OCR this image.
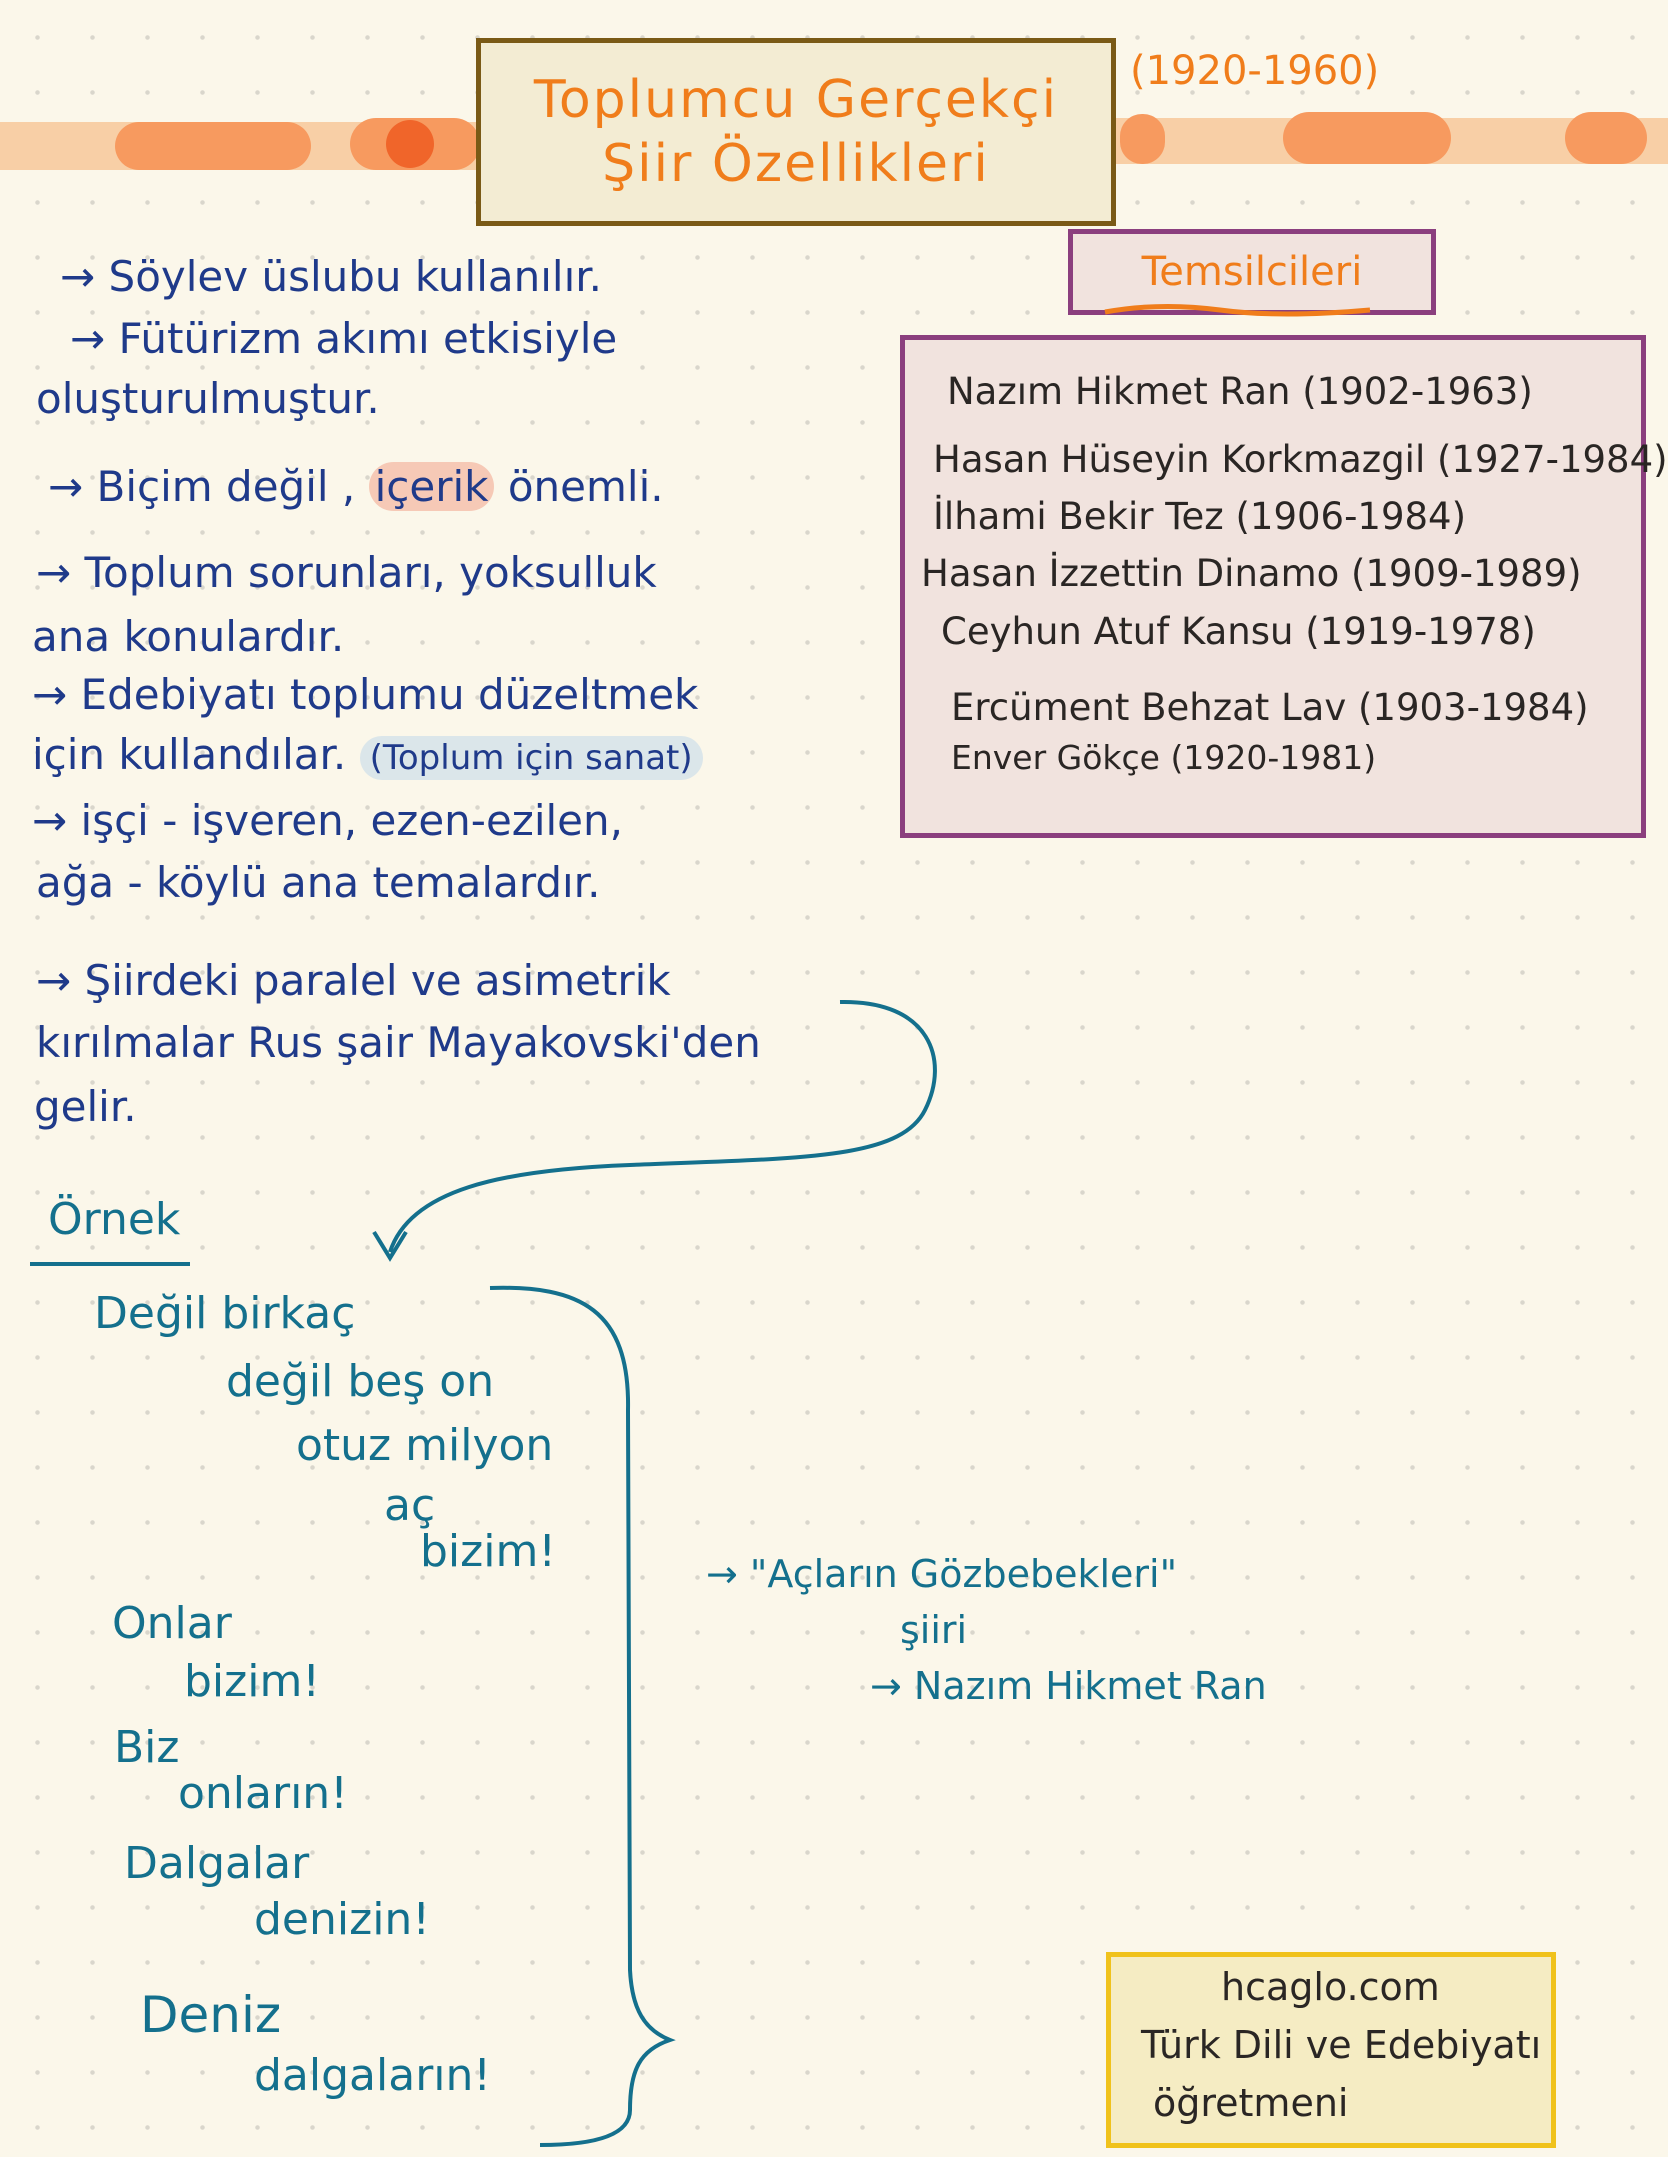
Toplumcu Gerçekçi
Şiir Özellikleri
(1920-1960)
Temsilcileri
Nazım Hikmet Ran (1902-1963)
Hasan Hüseyin Korkmazgil (1927-1984)
İlhami Bekir Tez (1906-1984)
Hasan İzzettin Dinamo (1909-1989)
Ceyhun Atuf Kansu (1919-1978)
Ercüment Behzat Lav (1903-1984)
Enver Gökçe (1920-1981)
→ Söylev üslubu kullanılır.
→ Fütürizm akımı etkisiyle
oluşturulmuştur.
→ Biçim değil , içerik önemli.
→ Toplum sorunları, yoksulluk
ana konulardır.
→ Edebiyatı toplumu düzeltmek
için kullandılar. (Toplum için sanat)
→ işçi - işveren, ezen-ezilen,
ağa - köylü ana temalardır.
→ Şiirdeki paralel ve asimetrik
kırılmalar Rus şair Mayakovski'den
gelir.
Örnek
Değil birkaç
değil beş on
otuz milyon
aç
bizim!
Onlar
bizim!
Biz
onların!
Dalgalar
denizin!
Deniz
dalgaların!
→ "Açların Gözbebekleri"
şiiri
→ Nazım Hikmet Ran
hcaglo.com
Türk Dili ve Edebiyatı
öğretmeni
